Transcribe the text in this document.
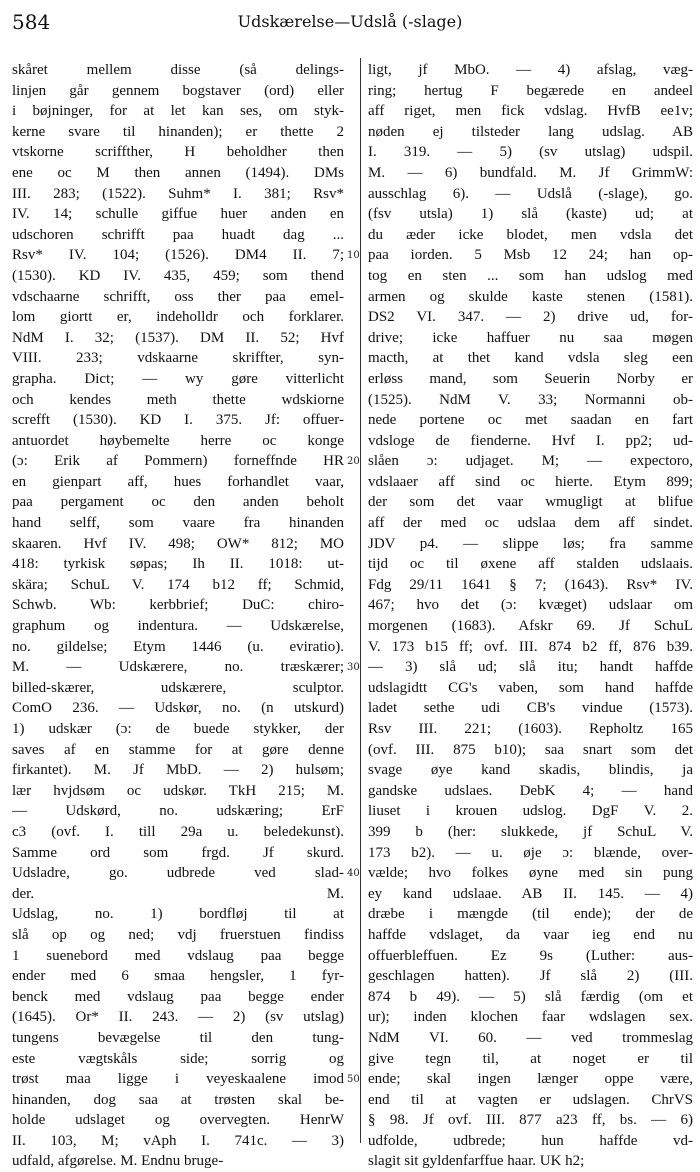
584	Udskærelse—Udslå (-slage)
skåret mellem disse (så delings-
linjen går gennem bogstaver (ord) eller
i bøjninger, for at let kan ses, om styk-
kerne svare til hinanden); er thette 2
vtskorne scriffther, H beholdher then
ene oc M then annen (1494). DMs
III. 283; (1522). Suhm* I. 381; Rsv*
IV. 14; schulle giffue huer anden en
udschoren schrifft paa huadt dag ...
Rsv* IV. 104; (1526). DM4 II. 7;
(1530). KD IV. 435, 459; som thend
vdschaarne schrifft, oss ther paa emel-
lom giortt er, indeholldr och forklarer.
NdM I. 32; (1537). DM II. 52; Hvf
VIII. 233; vdskaarne skriffter, syn-
grapha. Dict; — wy gøre vitterlicht
och kendes meth thette wdskiorne
screfft (1530). KD I. 375. Jf: offuer-
antuordet høybemelte herre oc konge
(ɔ: Erik af Pommern) forneffnde HR
en gienpart aff, hues forhandlet vaar,
paa pergament oc den anden beholt
hand selff, som vaare fra hinanden
skaaren. Hvf IV. 498; OW* 812; MO
418: tyrkisk søpas; Ih II. 1018: ut-
skära; SchuL V. 174 b12 ff; Schmid,
Schwb. Wb: kerbbrief; DuC: chiro-
graphum og indentura. — Udskærelse,
no. gildelse; Etym 1446 (u. eviratio).
M. — Udskærere, no. træskærer;
billed-skærer, udskærere, sculptor.
ComO 236. — Udskør, no. (n utskurd)
1) udskær (ɔ: de buede stykker, der
saves af en stamme for at gøre denne
firkantet). M. Jf MbD. — 2) hulsøm;
lær hvjdsøm oc udskør. TkH 215; M.
— Udskørd, no. udskæring; ErF
c3 (ovf. I. till 29a u. beledekunst).
Samme ord som frgd. Jf skurd.
Udsladre, go. udbrede ved slad-
der. M.
Udslag, no. 1) bordfløj til at
slå op og ned; vdj fruerstuen findiss
1 suenebord med vdslaug paa begge
ender med 6 smaa hengsler, 1 fyr-
benck med vdslaug paa begge ender
(1645). Or* II. 243. — 2) (sv utslag)
tungens bevægelse til den tung-
este vægtskåls side; sorrig og
trøst maa ligge i veyeskaalene imod
hinanden, dog saa at trøsten skal be-
holde udslaget og overvegten. HenrW
II. 103, M; vAph I. 741c. — 3)
udfald, afgørelse. M. Endnu bruge-
ligt, jf MbO. — 4) afslag, væg-
ring; hertug F begærede en andeel
aff riget, men fick vdslag. HvfB ee1v;
nøden ej tilsteder lang udslag. AB
I. 319. — 5) (sv utslag) udspil.
M. — 6) bundfald. M. Jf GrimmW:
ausschlag 6). — Udslå (-slage), go.
(fsv utsla) 1) slå (kaste) ud; at
du æder icke blodet, men vdsla det
paa iorden. 5 Msb 12 24; han op-
tog en sten ... som han udslog med
armen og skulde kaste stenen (1581).
DS2 VI. 347. — 2) drive ud, for-
drive; icke haffuer nu saa møgen
macth, at thet kand vdsla sleg een
erløss mand, som Seuerin Norby er
(1525). NdM V. 33; Normanni ob-
nede portene oc met saadan en fart
vdsloge de fienderne. Hvf I. pp2; ud-
slåen ɔ: udjaget. M; — expectoro,
vdslaaer aff sind oc hierte. Etym 899;
der som det vaar wmugligt at blifue
aff der med oc udslaa dem aff sindet.
JDV p4. — slippe løs; fra samme
tijd oc til øxene aff stalden udslaais.
Fdg 29/11 1641 § 7; (1643). Rsv* IV.
467; hvo det (ɔ: kvæget) udslaar om
morgenen (1683). Afskr 69. Jf SchuL
V. 173 b15 ff; ovf. III. 874 b2 ff, 876 b39.
— 3) slå ud; slå itu; handt haffde
udslagidtt CG's vaben, som hand haffde
ladet sethe udi CB's vindue (1573).
Rsv III. 221; (1603). Repholtz 165
(ovf. III. 875 b10); saa snart som det
svage øye kand skadis, blindis, ja
gandske udslaes. DebK 4; — hand
liuset i krouen udslog. DgF V. 2.
399 b (her: slukkede, jf SchuL V.
173 b2). — u. øje ɔ: blænde, over-
vælde; hvo folkes øyne med sin pung
ey kand udslaae. AB II. 145. — 4)
dræbe i mængde (til ende); der de
haffde vdslaget, da vaar ieg end nu
offuerbleffuen. Ez 9s (Luther: aus-
geschlagen hatten). Jf slå 2) (III.
874 b 49). — 5) slå færdig (om et
ur); inden klochen faar wdslagen sex.
NdM VI. 60. — ved trommeslag
give tegn til, at noget er til
ende; skal ingen længer oppe være,
end til at vagten er udslagen. ChrVS
§ 98. Jf ovf. III. 877 a23 ff, bs. — 6)
udfolde, udbrede; hun haffde vd-
slagit sit gyldenfarffue haar. UK h2;
10
20
30
40
50
